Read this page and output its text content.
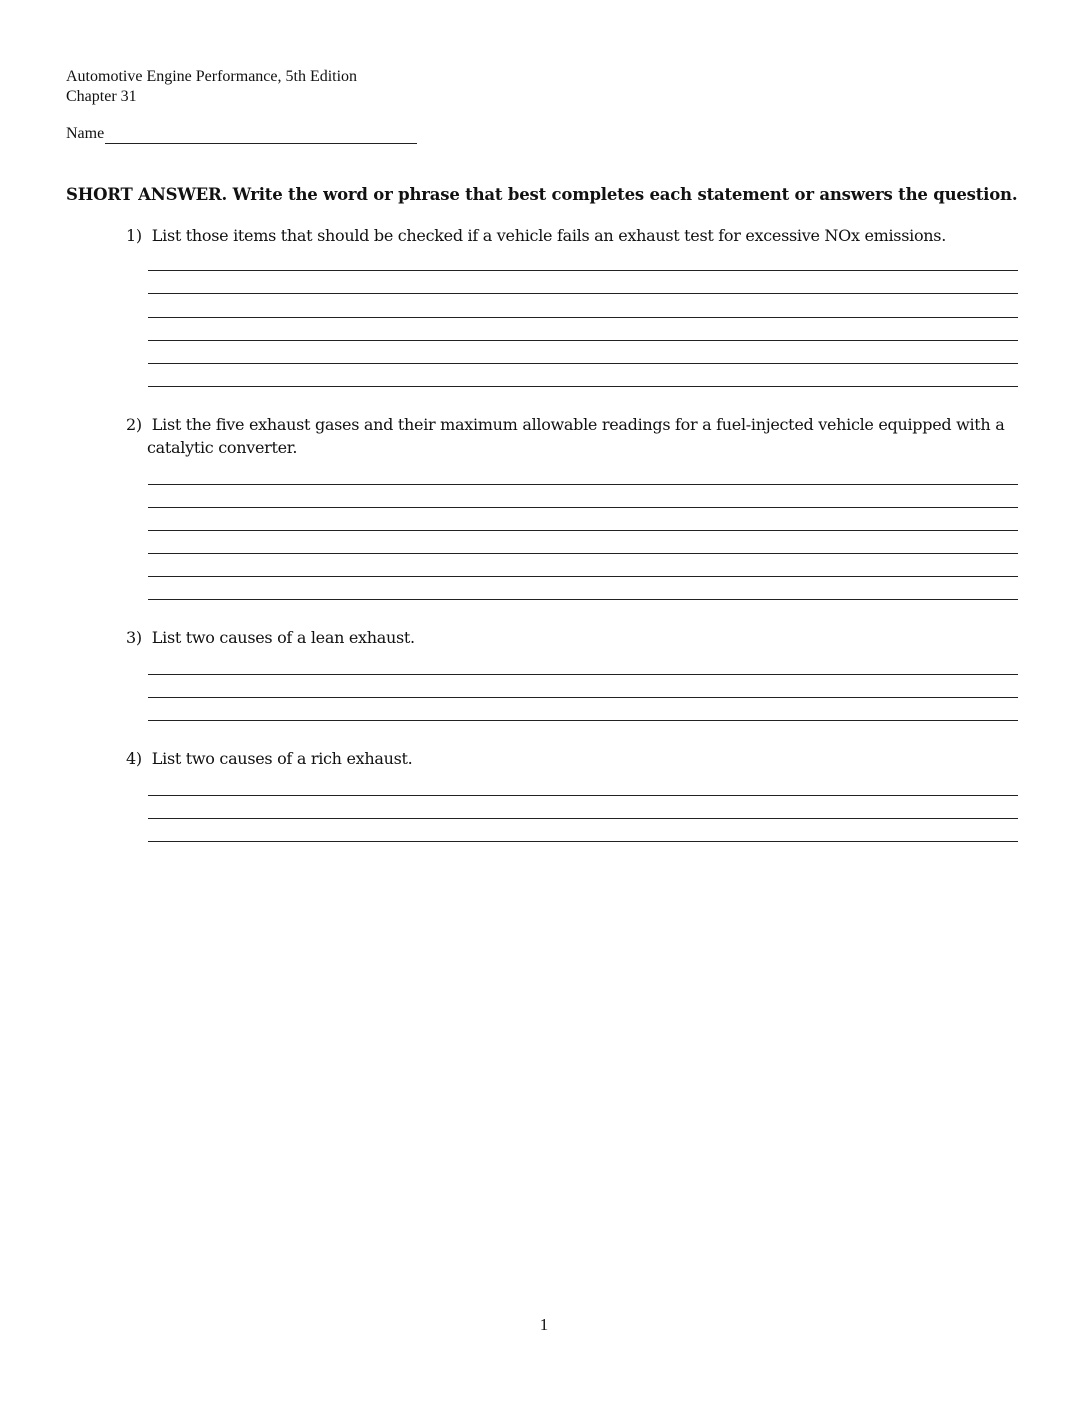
Automotive Engine Performance, 5th Edition
Chapter 31
Name
SHORT ANSWER. Write the word or phrase that best completes each statement or answers the question.
1) List those items that should be checked if a vehicle fails an exhaust test for excessive NOx emissions.
2) List the five exhaust gases and their maximum allowable readings for a fuel-injected vehicle equipped with a
catalytic converter.
3) List two causes of a lean exhaust.
4) List two causes of a rich exhaust.
1
